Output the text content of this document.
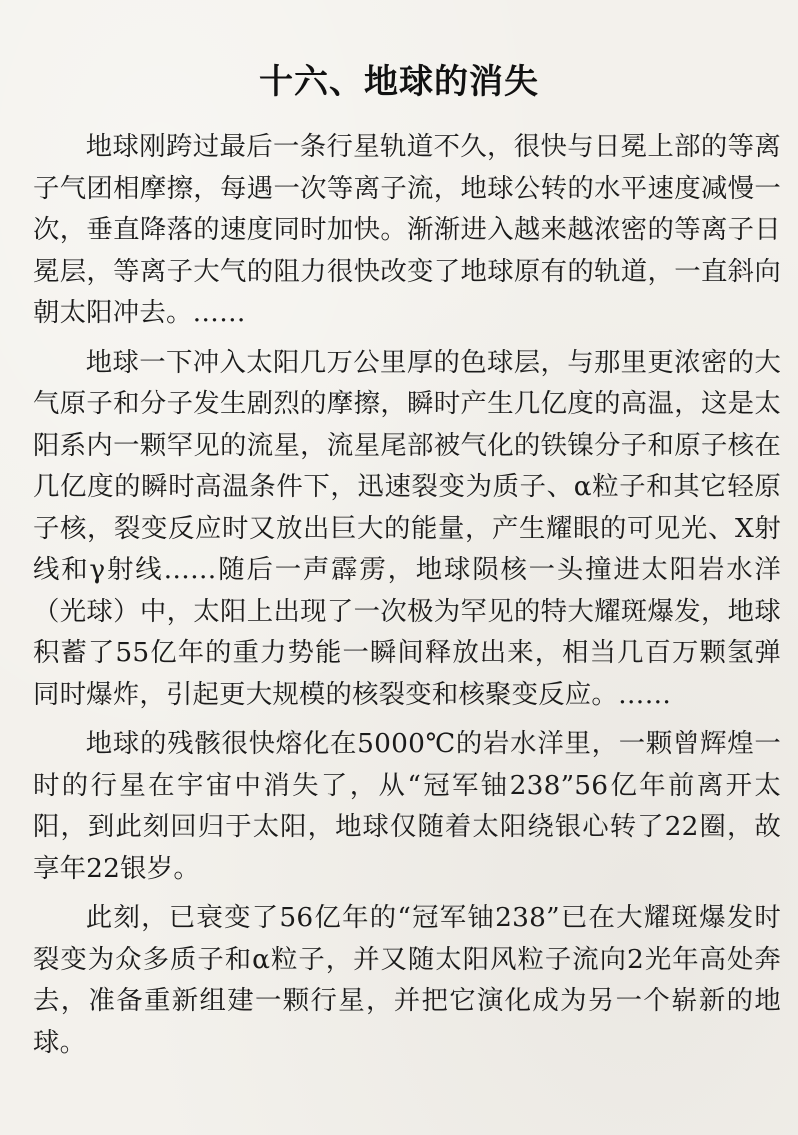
十六、地球的消失

地球刚跨过最后一条行星轨道不久，很快与日冕上部的等离子气团相摩擦，每遇一次等离子流，地球公转的水平速度减慢一次，垂直降落的速度同时加快。渐渐进入越来越浓密的等离子日冕层，等离子大气的阻力很快改变了地球原有的轨道，一直斜向朝太阳冲去。……

地球一下冲入太阳几万公里厚的色球层，与那里更浓密的大气原子和分子发生剧烈的摩擦，瞬时产生几亿度的高温，这是太阳系内一颗罕见的流星，流星尾部被气化的铁镍分子和原子核在几亿度的瞬时高温条件下，迅速裂变为质子、α粒子和其它轻原子核，裂变反应时又放出巨大的能量，产生耀眼的可见光、X射线和γ射线……随后一声霹雳，地球陨核一头撞进太阳岩水洋（光球）中，太阳上出现了一次极为罕见的特大耀斑爆发，地球积蓄了55亿年的重力势能一瞬间释放出来，相当几百万颗氢弹同时爆炸，引起更大规模的核裂变和核聚变反应。……

地球的残骸很快熔化在5000℃的岩水洋里，一颗曾辉煌一时的行星在宇宙中消失了，从“冠军铀238”56亿年前离开太阳，到此刻回归于太阳，地球仅随着太阳绕银心转了22圈，故享年22银岁。

此刻，已衰变了56亿年的“冠军铀238”已在大耀斑爆发时裂变为众多质子和α粒子，并又随太阳风粒子流向2光年高处奔去，准备重新组建一颗行星，并把它演化成为另一个崭新的地球。
